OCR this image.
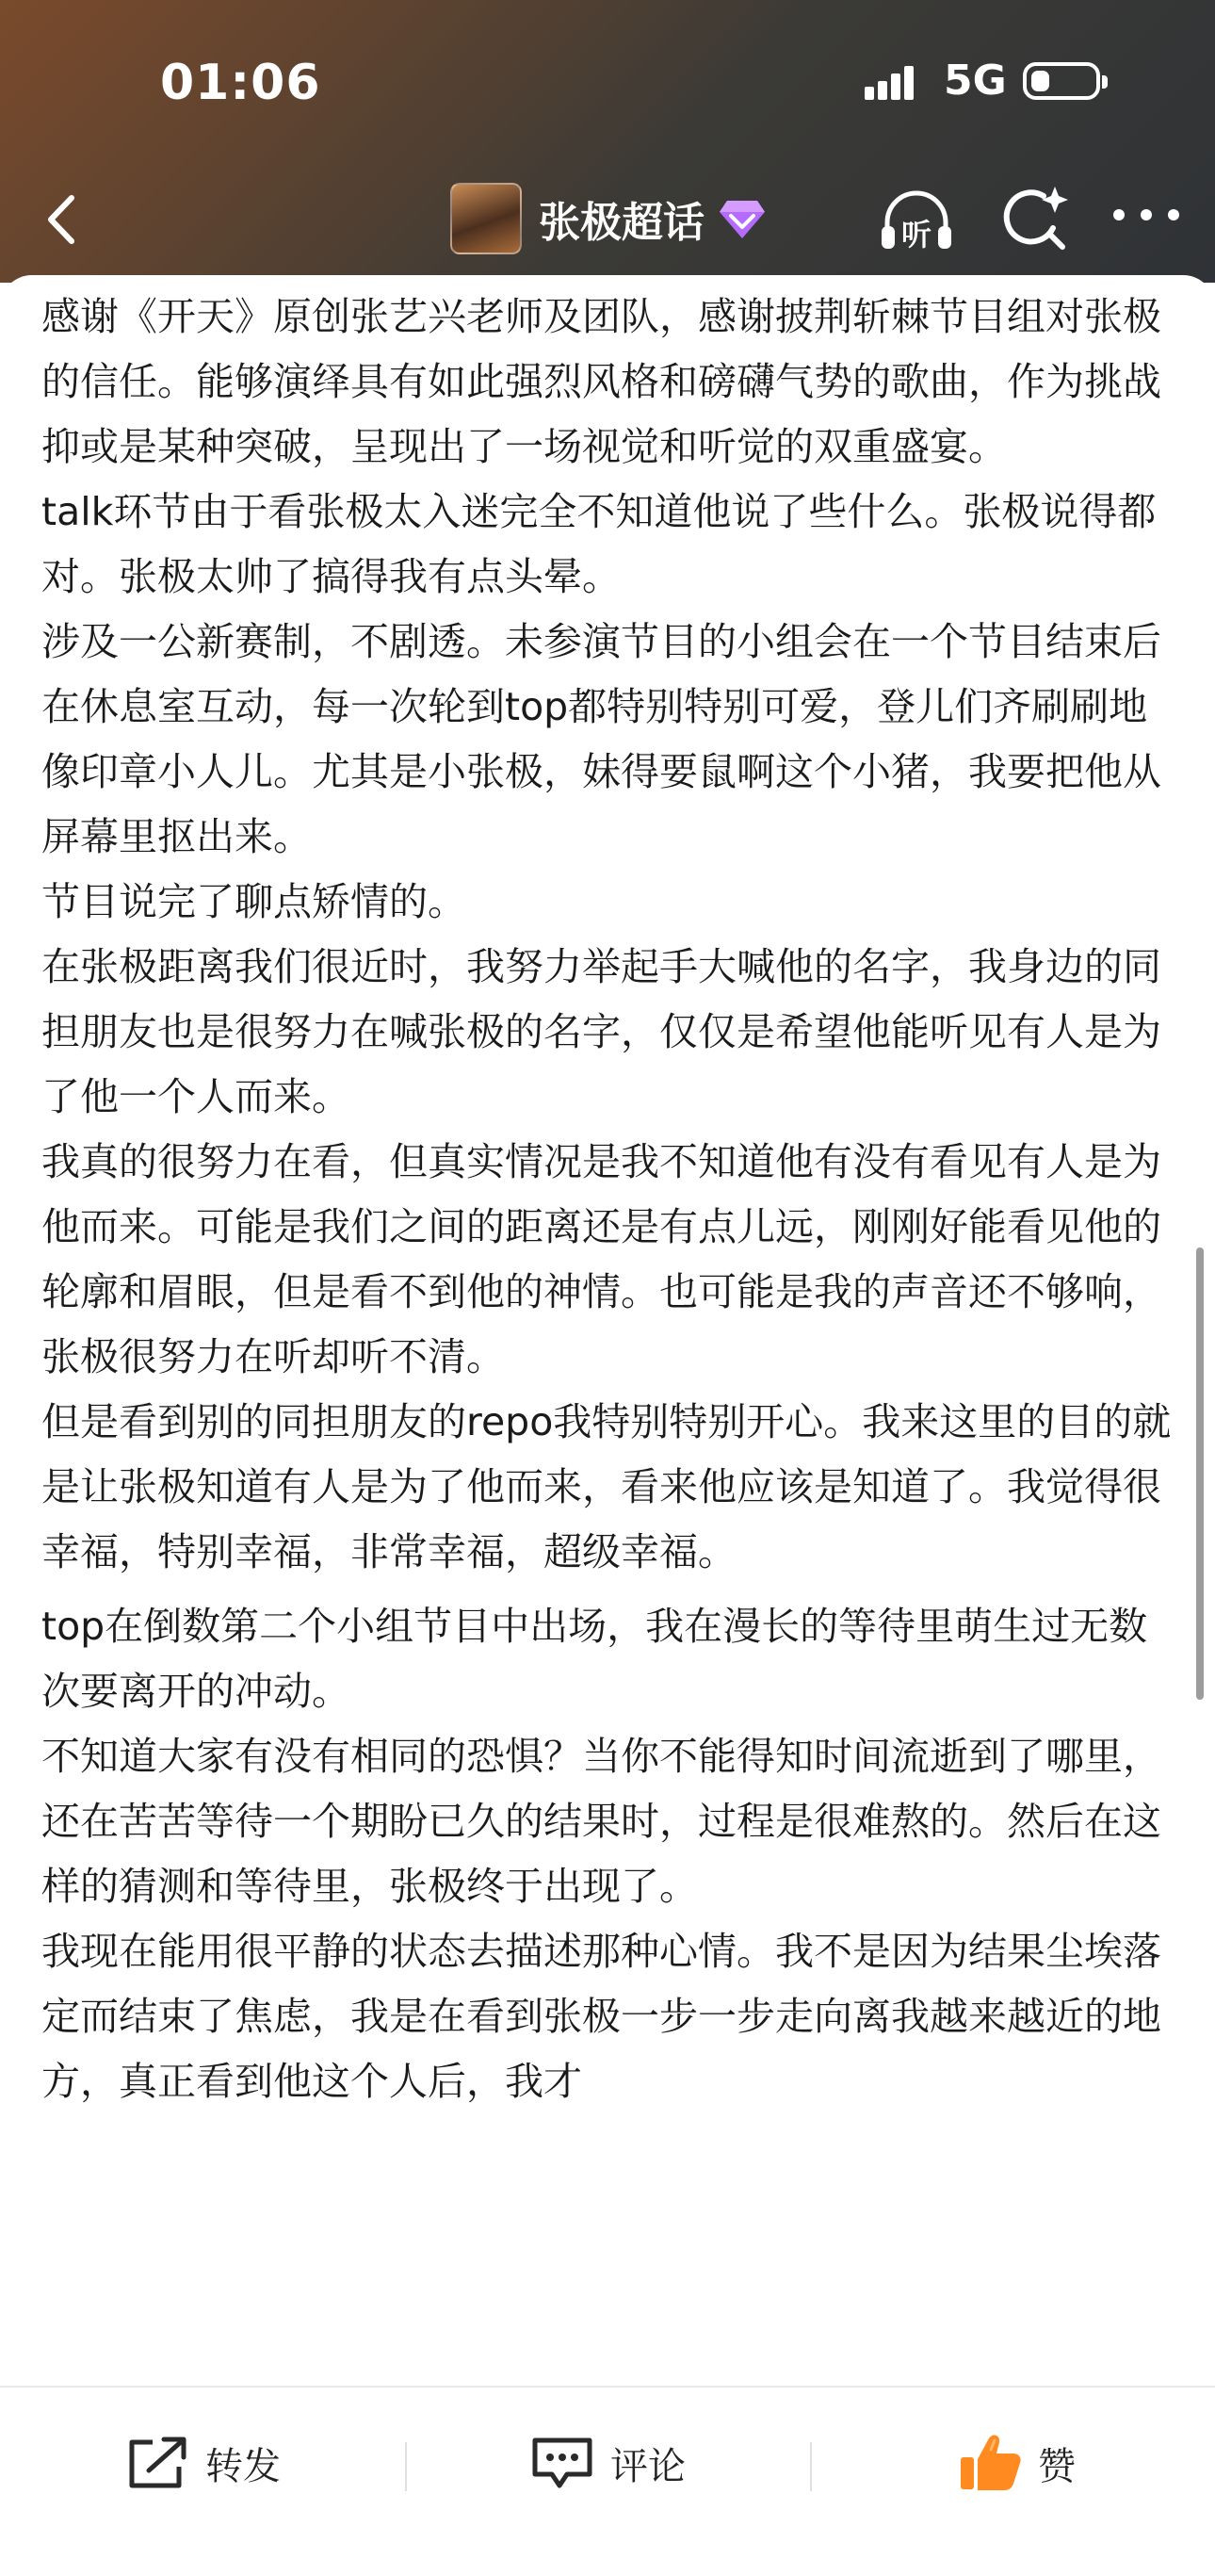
01:06	5G
张极超话	听

感谢《开天》原创张艺兴老师及团队，感谢披荆斩棘节目组对张极的信任。能够演绎具有如此强烈风格和磅礴气势的歌曲，作为挑战抑或是某种突破，呈现出了一场视觉和听觉的双重盛宴。

talk环节由于看张极太入迷完全不知道他说了些什么。张极说得都对。张极太帅了搞得我有点头晕。

涉及一公新赛制，不剧透。未参演节目的小组会在一个节目结束后在休息室互动，每一次轮到top都特别特别可爱，登儿们齐刷刷地像印章小人儿。尤其是小张极，妹得要鼠啊这个小猪，我要把他从屏幕里抠出来。

节目说完了聊点矫情的。

在张极距离我们很近时，我努力举起手大喊他的名字，我身边的同担朋友也是很努力在喊张极的名字，仅仅是希望他能听见有人是为了他一个人而来。

我真的很努力在看，但真实情况是我不知道他有没有看见有人是为他而来。可能是我们之间的距离还是有点儿远，刚刚好能看见他的轮廓和眉眼，但是看不到他的神情。也可能是我的声音还不够响，张极很努力在听却听不清。

但是看到别的同担朋友的repo我特别特别开心。我来这里的目的就是让张极知道有人是为了他而来，看来他应该是知道了。我觉得很幸福，特别幸福，非常幸福，超级幸福。

top在倒数第二个小组节目中出场，我在漫长的等待里萌生过无数次要离开的冲动。

不知道大家有没有相同的恐惧？当你不能得知时间流逝到了哪里，还在苦苦等待一个期盼已久的结果时，过程是很难熬的。然后在这样的猜测和等待里，张极终于出现了。

我现在能用很平静的状态去描述那种心情。我不是因为结果尘埃落定而结束了焦虑，我是在看到张极一步一步走向离我越来越近的地方，真正看到他这个人后，我才

转发	评论	赞
